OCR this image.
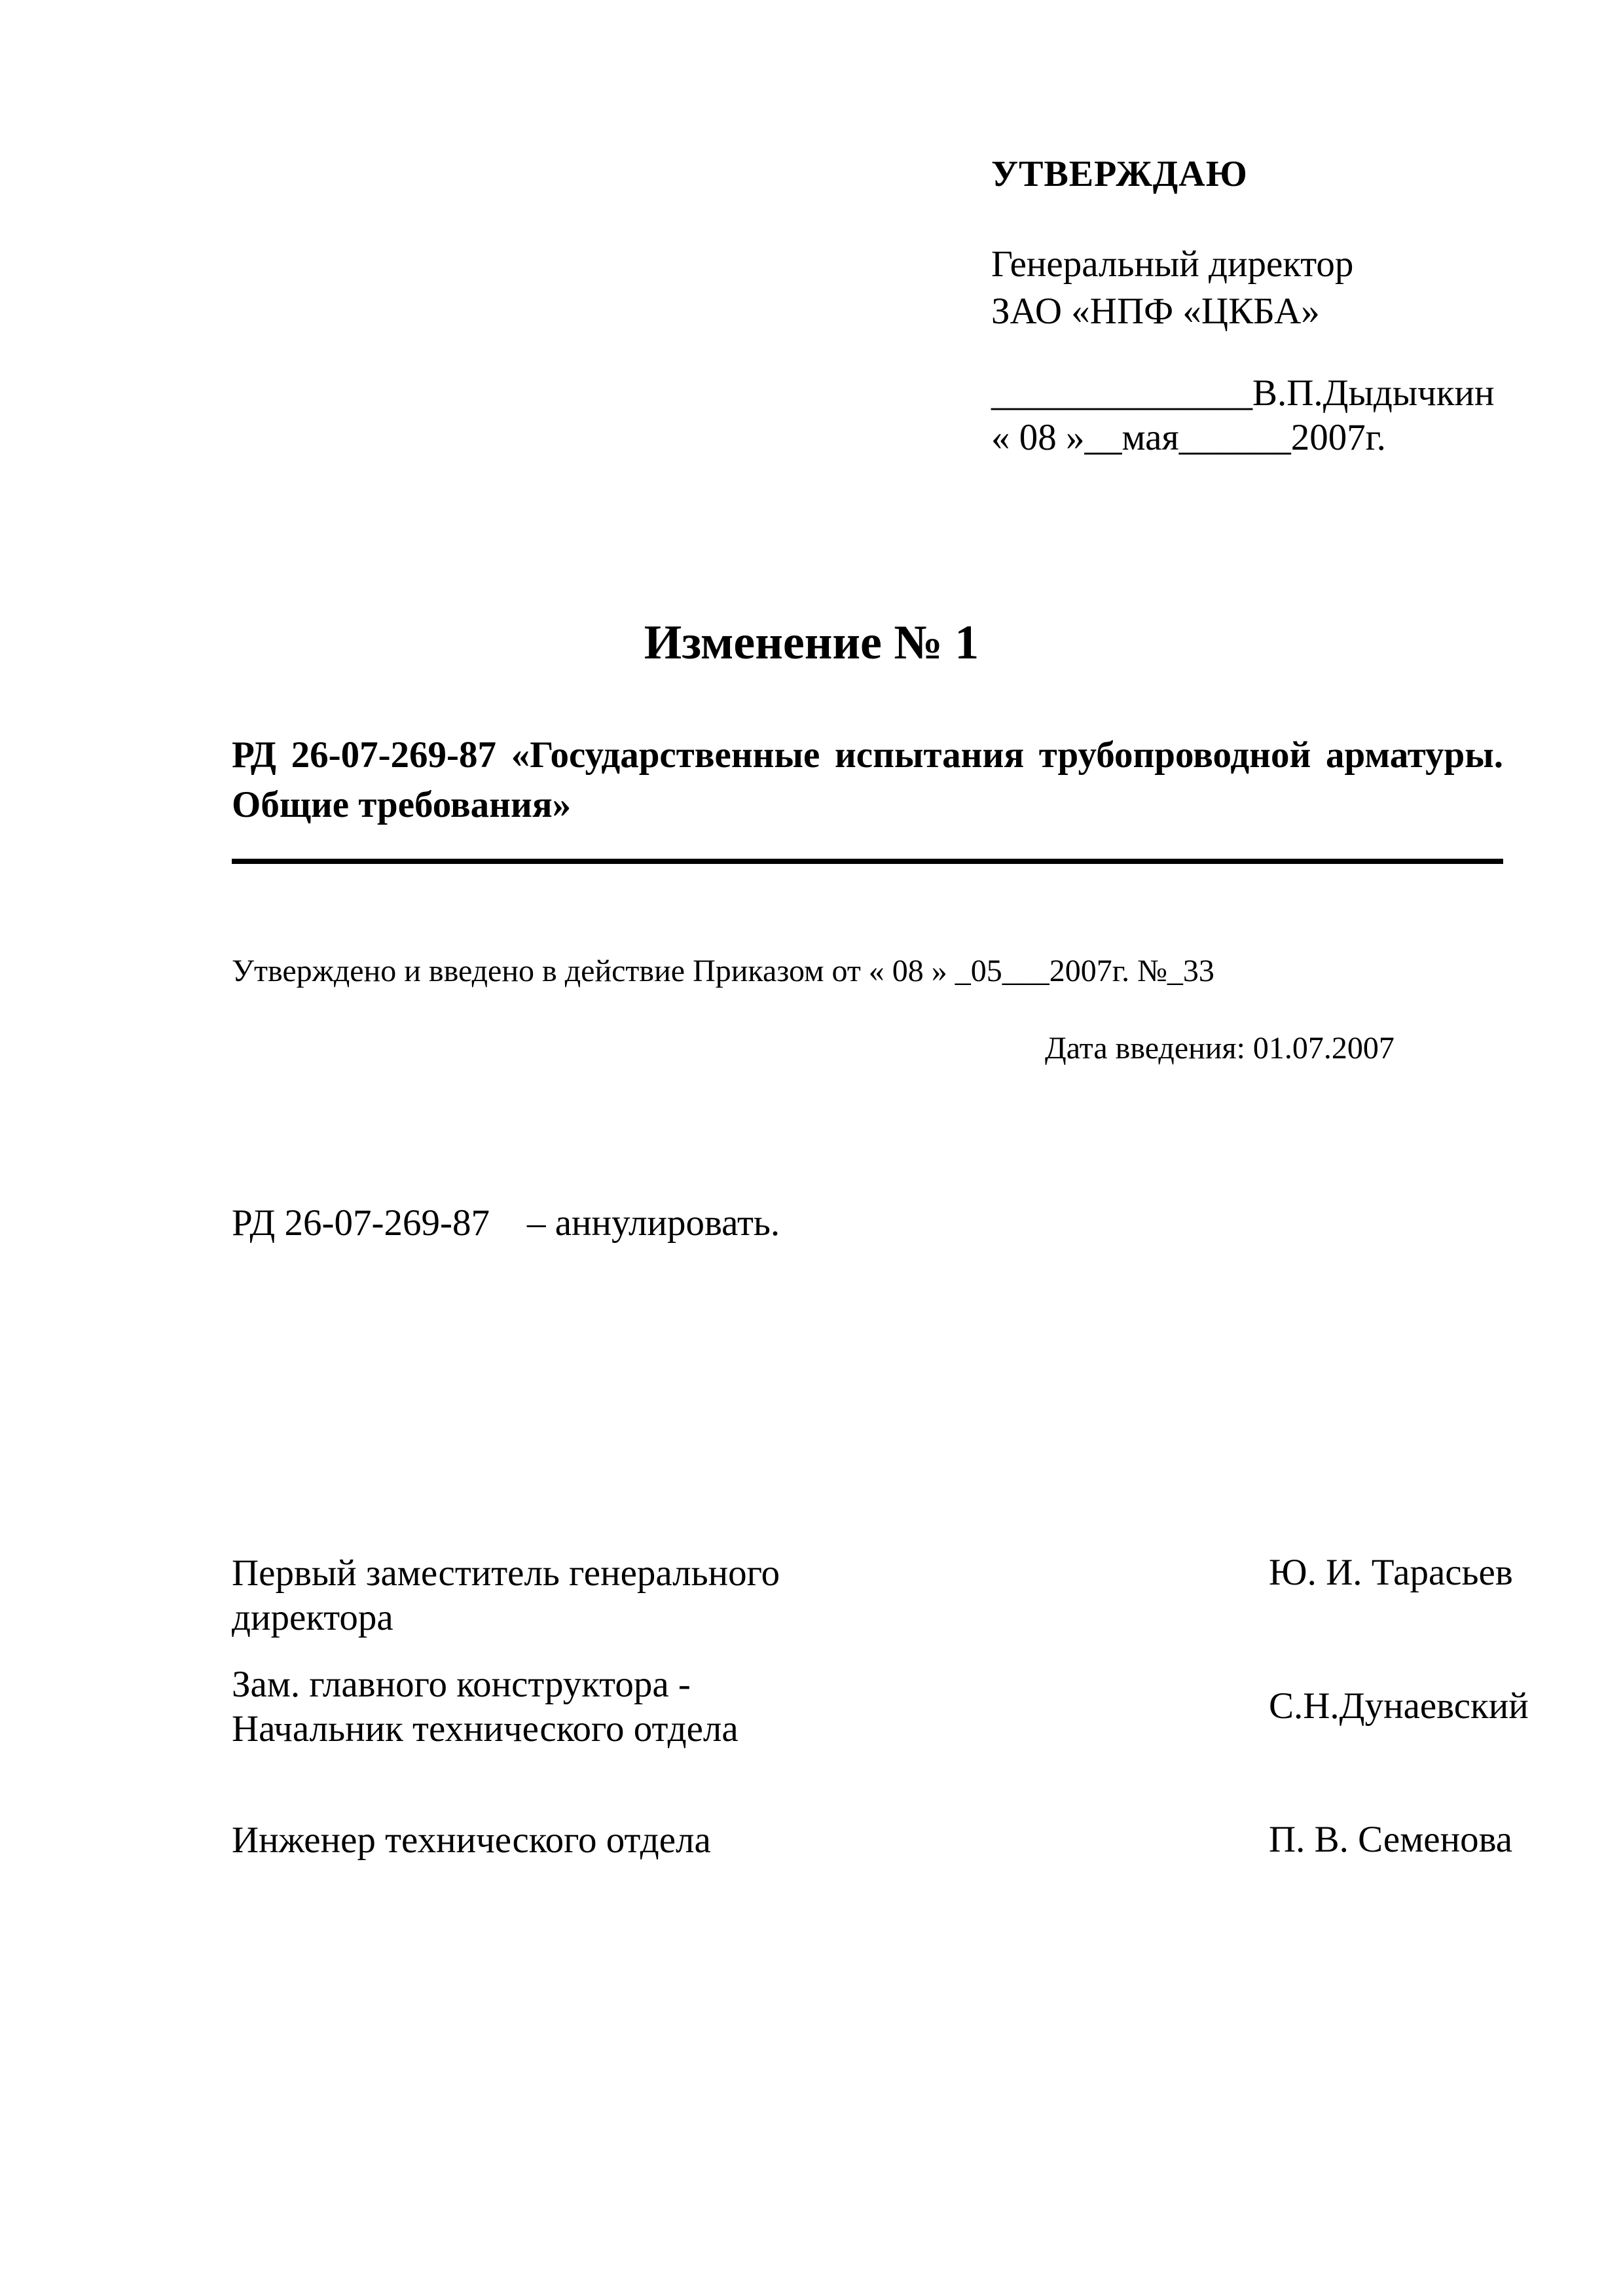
УТВЕРЖДАЮ
Генеральный директор
ЗАО «НПФ «ЦКБА»
______________В.П.Дыдычкин
« 08 »__мая______2007г.
Изменение № 1
РД 26-07-269-87 «Государственные испытания трубопроводной арматуры. Общие требования»
Утверждено и введено в действие Приказом от « 08 » _05___2007г. №_33
Дата введения: 01.07.2007
РД 26-07-269-87    – аннулировать.
Первый заместитель генерального
директора
Ю. И. Тарасьев
Зам. главного конструктора -
Начальник технического отдела
С.Н.Дунаевский
Инженер технического отдела	П. В. Семенова
